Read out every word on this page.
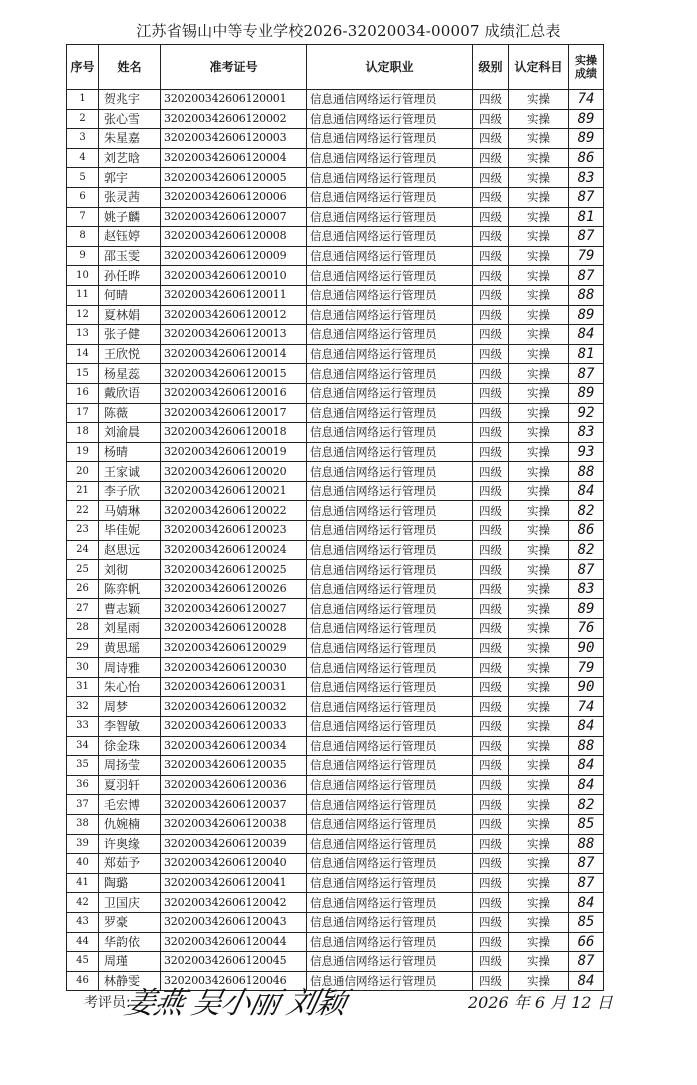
江苏省锡山中等专业学校2026-32020034-00007 成绩汇总表
序号	姓名	准考证号	认定职业	级别	认定科目	实操成绩
1	贺兆宇	320200342606120001	信息通信网络运行管理员	四级	实操	74
2	张心雪	320200342606120002	信息通信网络运行管理员	四级	实操	89
3	朱星嘉	320200342606120003	信息通信网络运行管理员	四级	实操	89
4	刘艺晗	320200342606120004	信息通信网络运行管理员	四级	实操	86
5	郭宇	320200342606120005	信息通信网络运行管理员	四级	实操	83
6	张灵茜	320200342606120006	信息通信网络运行管理员	四级	实操	87
7	姚子麟	320200342606120007	信息通信网络运行管理员	四级	实操	81
8	赵钰婷	320200342606120008	信息通信网络运行管理员	四级	实操	87
9	邵玉雯	320200342606120009	信息通信网络运行管理员	四级	实操	79
10	孙任晔	320200342606120010	信息通信网络运行管理员	四级	实操	87
11	何晴	320200342606120011	信息通信网络运行管理员	四级	实操	88
12	夏林娟	320200342606120012	信息通信网络运行管理员	四级	实操	89
13	张子健	320200342606120013	信息通信网络运行管理员	四级	实操	84
14	王欣悦	320200342606120014	信息通信网络运行管理员	四级	实操	81
15	杨星蕊	320200342606120015	信息通信网络运行管理员	四级	实操	87
16	戴欣语	320200342606120016	信息通信网络运行管理员	四级	实操	89
17	陈薇	320200342606120017	信息通信网络运行管理员	四级	实操	92
18	刘渝晨	320200342606120018	信息通信网络运行管理员	四级	实操	83
19	杨晴	320200342606120019	信息通信网络运行管理员	四级	实操	93
20	王家诚	320200342606120020	信息通信网络运行管理员	四级	实操	88
21	李子欣	320200342606120021	信息通信网络运行管理员	四级	实操	84
22	马婧琳	320200342606120022	信息通信网络运行管理员	四级	实操	82
23	毕佳妮	320200342606120023	信息通信网络运行管理员	四级	实操	86
24	赵思远	320200342606120024	信息通信网络运行管理员	四级	实操	82
25	刘彻	320200342606120025	信息通信网络运行管理员	四级	实操	87
26	陈弈帆	320200342606120026	信息通信网络运行管理员	四级	实操	83
27	曹志颖	320200342606120027	信息通信网络运行管理员	四级	实操	89
28	刘星雨	320200342606120028	信息通信网络运行管理员	四级	实操	76
29	黄思瑶	320200342606120029	信息通信网络运行管理员	四级	实操	90
30	周诗雅	320200342606120030	信息通信网络运行管理员	四级	实操	79
31	朱心怡	320200342606120031	信息通信网络运行管理员	四级	实操	90
32	周梦	320200342606120032	信息通信网络运行管理员	四级	实操	74
33	李智敏	320200342606120033	信息通信网络运行管理员	四级	实操	84
34	徐金珠	320200342606120034	信息通信网络运行管理员	四级	实操	88
35	周扬莹	320200342606120035	信息通信网络运行管理员	四级	实操	84
36	夏羽轩	320200342606120036	信息通信网络运行管理员	四级	实操	84
37	毛宏博	320200342606120037	信息通信网络运行管理员	四级	实操	82
38	仇婉楠	320200342606120038	信息通信网络运行管理员	四级	实操	85
39	许奥缘	320200342606120039	信息通信网络运行管理员	四级	实操	88
40	郑茹予	320200342606120040	信息通信网络运行管理员	四级	实操	87
41	陶璐	320200342606120041	信息通信网络运行管理员	四级	实操	87
42	卫国庆	320200342606120042	信息通信网络运行管理员	四级	实操	84
43	罗豪	320200342606120043	信息通信网络运行管理员	四级	实操	85
44	华韵依	320200342606120044	信息通信网络运行管理员	四级	实操	66
45	周瑾	320200342606120045	信息通信网络运行管理员	四级	实操	87
46	林静雯	320200342606120046	信息通信网络运行管理员	四级	实操	84
考评员:
姜燕 吴小丽 刘颖	2026 年 6 月 12 日
